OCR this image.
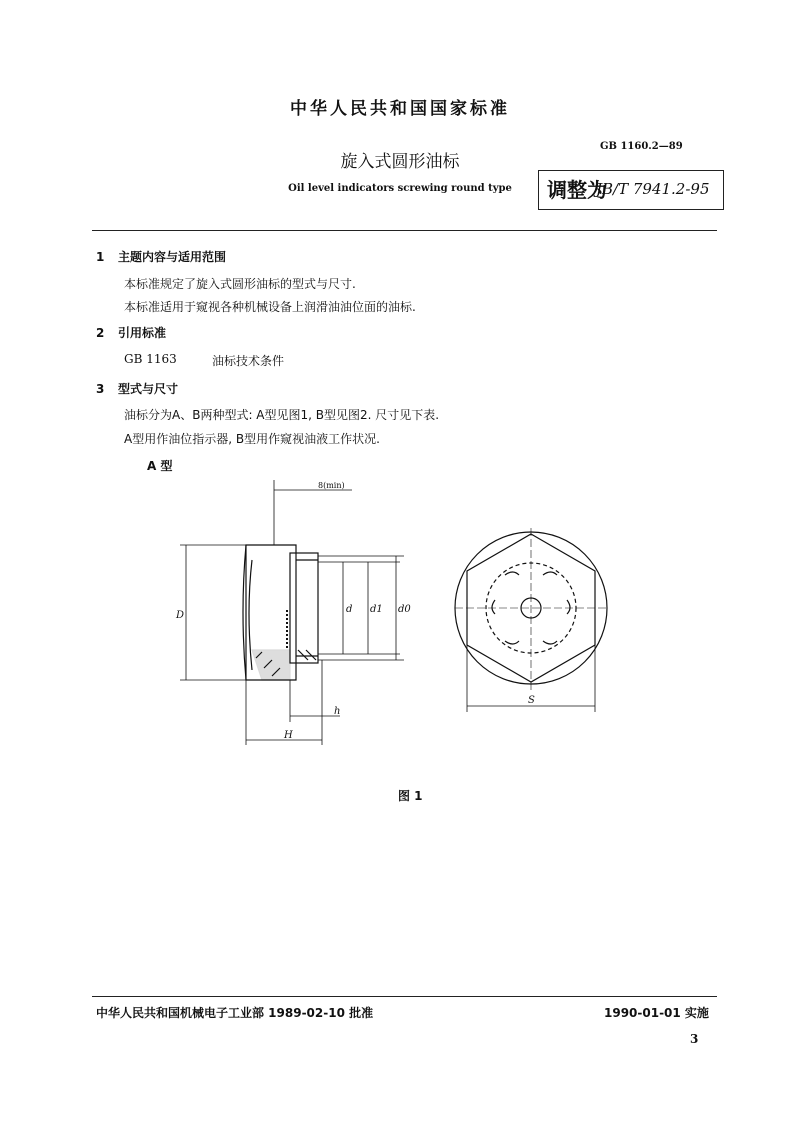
中华人民共和国国家标准
GB 1160.2—89
旋入式圆形油标
Oil level indicators screwing round type	调整为
JB/T 7941.2-95
1 主题内容与适用范围
本标准规定了旋入式圆形油标的型式与尺寸.
本标准适用于窥视各种机械设备上润滑油油位面的油标.
2 引用标准
GB 1163	油标技术条件
3 型式与尺寸
油标分为A、B两种型式: A型见图1, B型见图2. 尺寸见下表.
A型用作油位指示器, B型用作窥视油液工作状况.
A 型
8(min)
D
d d1 d0
h
H
S
图 1
中华人民共和国机械电子工业部 1989-02-10 批准	1990-01-01 实施
3
